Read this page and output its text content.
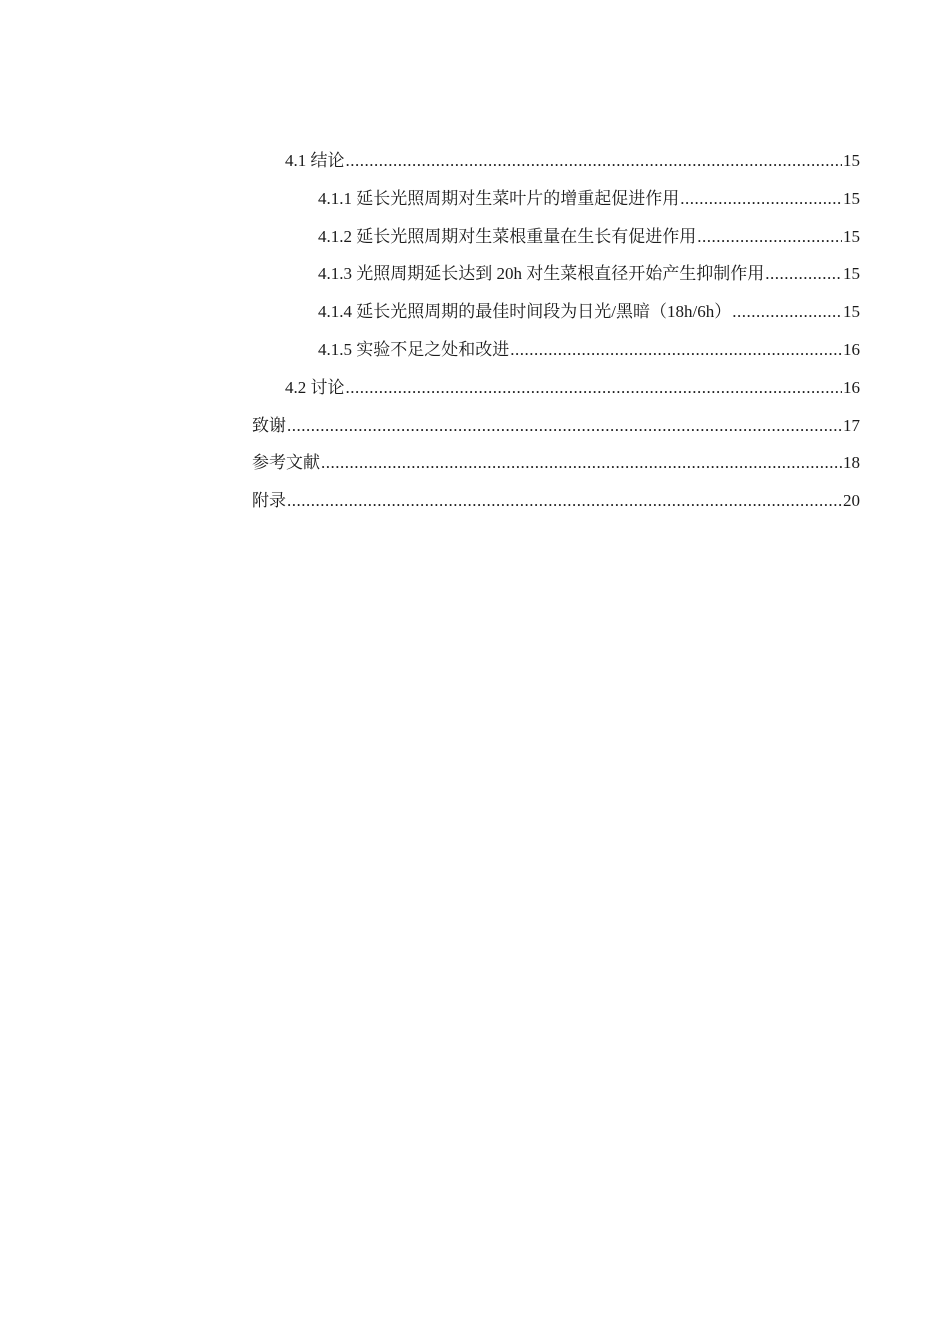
4.1 结论 .....	15
4.1.1 延长光照周期对生菜叶片的增重起促进作用 .....	15
4.1.2 延长光照周期对生菜根重量在生长有促进作用 .....	15
4.1.3 光照周期延长达到 20h 对生菜根直径开始产生抑制作用 .....	15
4.1.4 延长光照周期的最佳时间段为日光/黑暗（18h/6h） .....	15
4.1.5 实验不足之处和改进 .....	16
4.2 讨论 .....	16
致谢 .....	17
参考文献 .....	18
附录 .....	20
